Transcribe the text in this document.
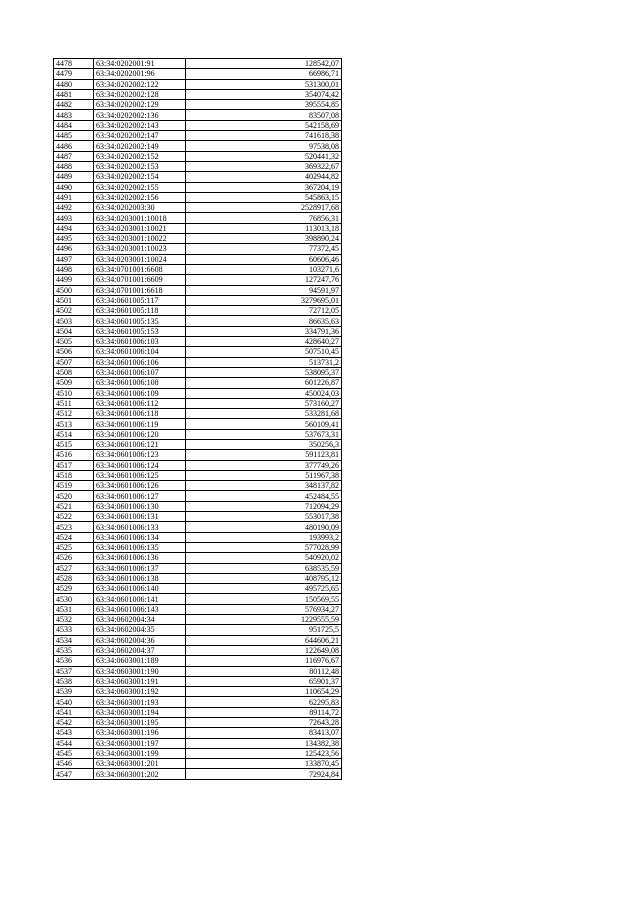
4478	63:34:0202001:91	128542,07
4479	63:34:0202001:96	66986,71
4480	63:34:0202002:122	531300,01
4481	63:34:0202002:128	354074,42
4482	63:34:0202002:129	395554,85
4483	63:34:0202002:136	83507,08
4484	63:34:0202002:143	542158,69
4485	63:34:0202002:147	741618,38
4486	63:34:0202002:149	97538,08
4487	63:34:0202002:152	520441,32
4488	63:34:0202002:153	369322,67
4489	63:34:0202002:154	402944,82
4490	63:34:0202002:155	367204,19
4491	63:34:0202002:156	545863,15
4492	63:34:0202003:30	2528917,68
4493	63:34:0203001:10018	76856,31
4494	63:34:0203001:10021	113013,18
4495	63:34:0203001:10022	398890,24
4496	63:34:0203001:10023	77372,45
4497	63:34:0203001:10024	60606,46
4498	63:34:0701001:6608	103271,6
4499	63:34:0701001:6609	127247,76
4500	63:34:0701001:6618	94591,97
4501	63:34:0601005:117	3279695,01
4502	63:34:0601005:118	72712,05
4503	63:34:0601005:135	86635,63
4504	63:34:0601005:153	334791,36
4505	63:34:0601006:103	428640,27
4506	63:34:0601006:104	507510,45
4507	63:34:0601006:106	513731,2
4508	63:34:0601006:107	538095,37
4509	63:34:0601006:108	601226,87
4510	63:34:0601006:109	450024,03
4511	63:34:0601006:112	573160,27
4512	63:34:0601006:118	533281,68
4513	63:34:0601006:119	560109,41
4514	63:34:0601006:120	537673,31
4515	63:34:0601006:121	350256,3
4516	63:34:0601006:123	591123,81
4517	63:34:0601006:124	377749,26
4518	63:34:0601006:125	511967,38
4519	63:34:0601006:126	348137,82
4520	63:34:0601006:127	452484,55
4521	63:34:0601006:130	712094,29
4522	63:34:0601006:131	553017,38
4523	63:34:0601006:133	480190,09
4524	63:34:0601006:134	193993,2
4525	63:34:0601006:135	577028,99
4526	63:34:0601006:136	540920,02
4527	63:34:0601006:137	638535,59
4528	63:34:0601006:138	408795,12
4529	63:34:0601006:140	495725,65
4530	63:34:0601006:141	150569,55
4531	63:34:0601006:143	576934,27
4532	63:34:0602004:34	1229555,59
4533	63:34:0602004:35	951725,5
4534	63:34:0602004:36	644606,21
4535	63:34:0602004:37	122649,08
4536	63:34:0603001:189	116976,67
4537	63:34:0603001:190	80112,48
4538	63:34:0603001:191	65901,37
4539	63:34:0603001:192	110654,29
4540	63:34:0603001:193	62295,83
4541	63:34:0603001:194	89114,72
4542	63:34:0603001:195	72643,28
4543	63:34:0603001:196	83413,07
4544	63:34:0603001:197	134382,38
4545	63:34:0603001:199	125423,56
4546	63:34:0603001:201	133870,45
4547	63:34:0603001:202	72924,84
